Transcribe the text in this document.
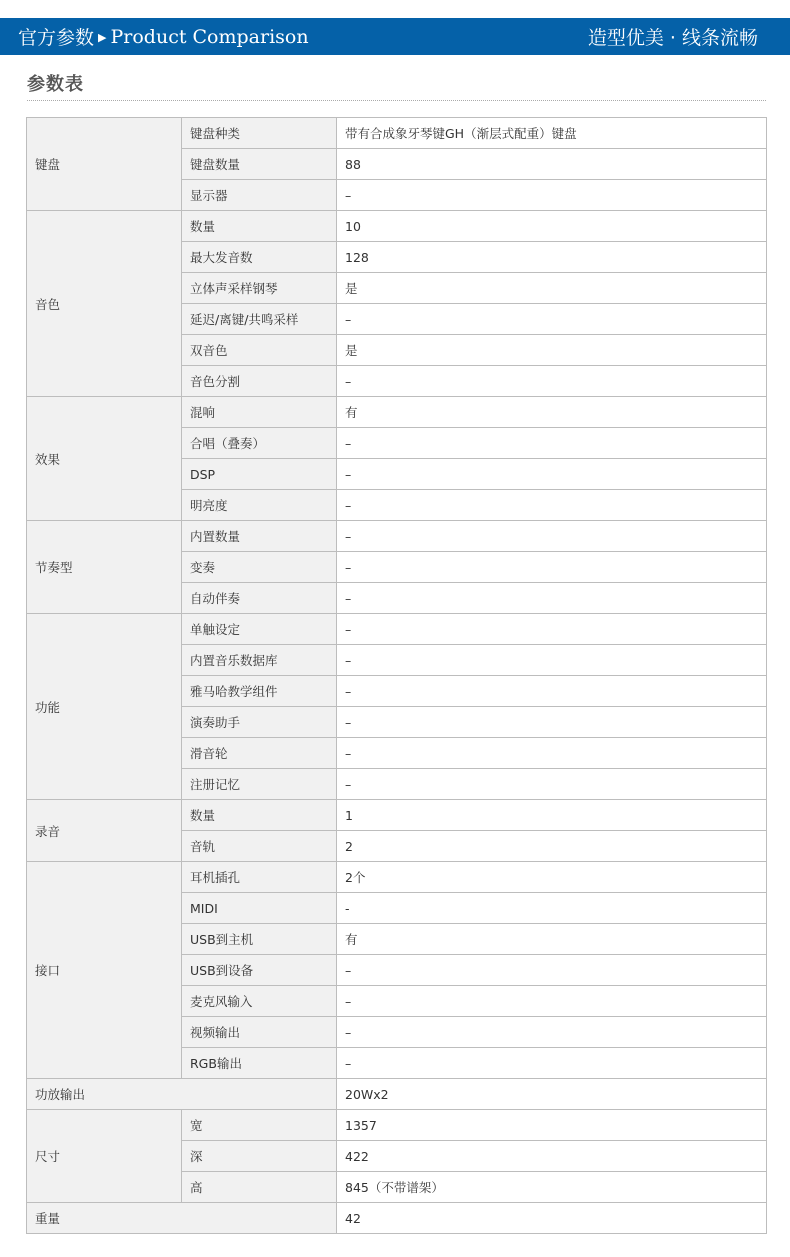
官方参数 ▶ Product Comparison	造型优美 · 线条流畅
参数表
键盘	键盘种类	带有合成象牙琴键GH（渐层式配重）键盘
	键盘数量	88
	显示器	–
音色	数量	10
	最大发音数	128
	立体声采样钢琴	是
	延迟/离键/共鸣采样	–
	双音色	是
	音色分割	–
效果	混响	有
	合唱（叠奏）	–
	DSP	–
	明亮度	–
节奏型	内置数量	–
	变奏	–
	自动伴奏	–
功能	单触设定	–
	内置音乐数据库	–
	雅马哈教学组件	–
	演奏助手	–
	滑音轮	–
	注册记忆	–
录音	数量	1
	音轨	2
接口	耳机插孔	2个
	MIDI	-
	USB到主机	有
	USB到设备	–
	麦克风输入	–
	视频输出	–
	RGB输出	–
功放输出		20Wx2
尺寸	宽	1357
	深	422
	高	845（不带谱架）
重量		42
